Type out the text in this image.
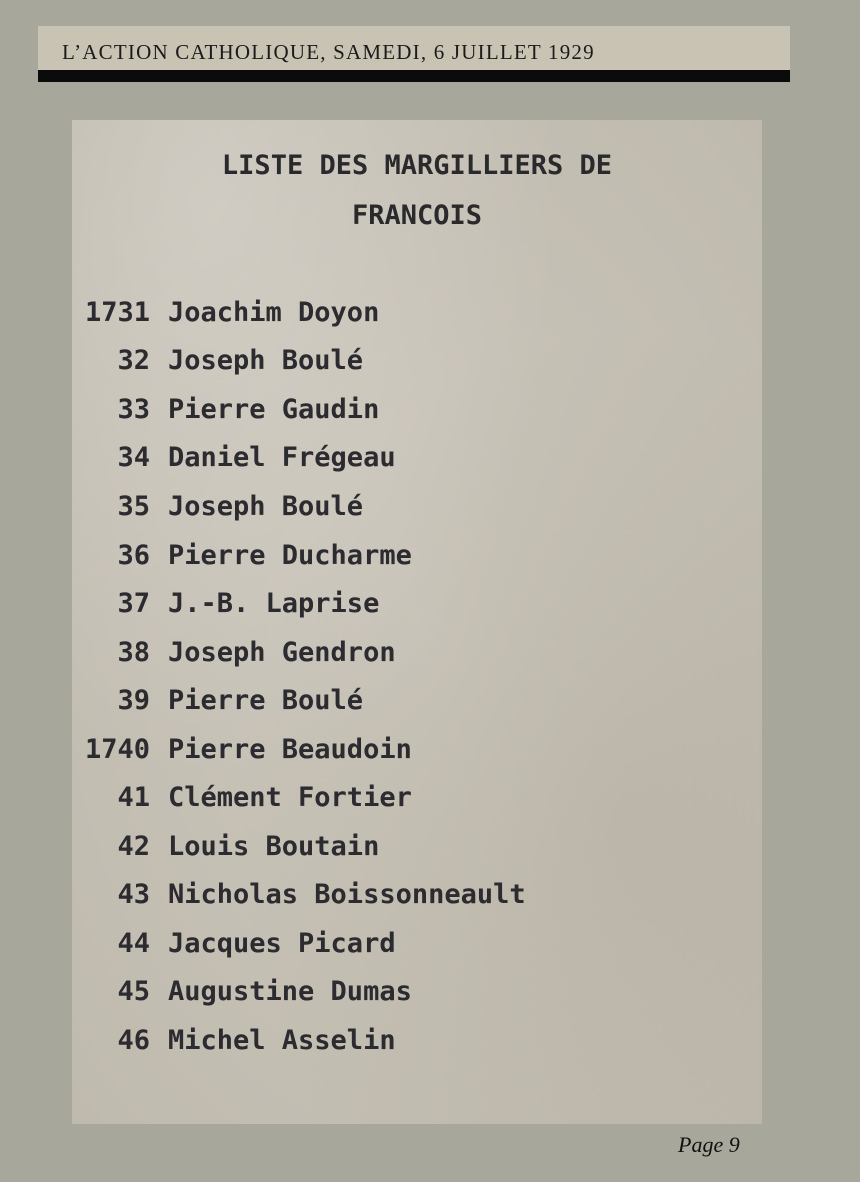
L’ACTION CATHOLIQUE, SAMEDI, 6 JUILLET 1929
LISTE DES MARGILLIERS DE
FRANCOIS
1731 Joachim Doyon
32 Joseph Boulé
33 Pierre Gaudin
34 Daniel Frégeau
35 Joseph Boulé
36 Pierre Ducharme
37 J.-B. Laprise
38 Joseph Gendron
39 Pierre Boulé
1740 Pierre Beaudoin
41 Clément Fortier
42 Louis Boutain
43 Nicholas Boissonneault
44 Jacques Picard
45 Augustine Dumas
46 Michel Asselin
Page 9
